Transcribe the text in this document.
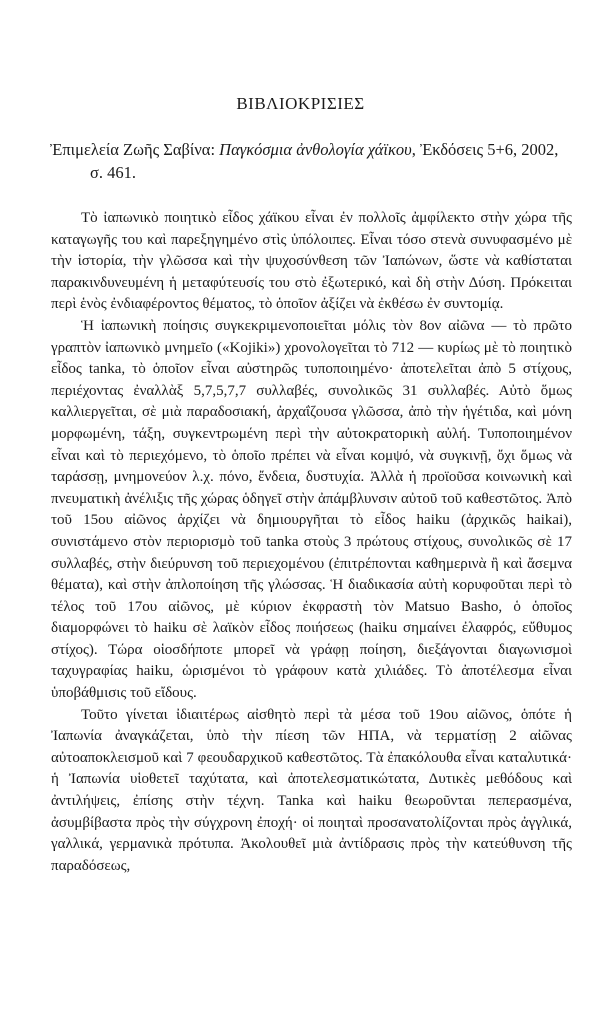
ΒΙΒΛΙΟΚΡΙΣΙΕΣ
Ἐπιμελεία Ζωῆς Σαβίνα: Παγκόσμια ἀνθολογία χάϊκου, Ἐκδόσεις 5+6, 2002, σ. 461.

Τὸ ἰαπωνικὸ ποιητικὸ εἶδος χάϊκου εἶναι ἐν πολλοῖς ἀμφίλεκτο στὴν χώρα τῆς καταγωγῆς του καὶ παρεξηγημένο στὶς ὑπόλοιπες. Εἶναι τόσο στενὰ συνυφασμένο μὲ τὴν ἱστορία, τὴν γλῶσσα καὶ τὴν ψυχοσύνθεση τῶν Ἰαπώνων, ὥστε νὰ καθίσταται παρακινδυνευμένη ἡ μεταφύτευσίς του στὸ ἐξωτερικό, καὶ δὴ στὴν Δύση. Πρόκειται περὶ ἑνὸς ἐνδιαφέροντος θέματος, τὸ ὁποῖον ἀξίζει νὰ ἐκθέσω ἐν συντομίᾳ.

Ἡ ἰαπωνικὴ ποίησις συγκεκριμενοποιεῖται μόλις τὸν 8ον αἰῶνα — τὸ πρῶτο γραπτὸν ἰαπωνικὸ μνημεῖο («Kojiki») χρονολογεῖται τὸ 712 — κυρίως μὲ τὸ ποιητικὸ εἶδος tanka, τὸ ὁποῖον εἶναι αὐστηρῶς τυποποιημένο· ἀποτελεῖται ἀπὸ 5 στίχους, περιέχοντας ἐναλλὰξ 5,7,5,7,7 συλλαβές, συνολικῶς 31 συλλαβές. Αὐτὸ ὅμως καλλιεργεῖται, σὲ μιὰ παραδοσιακή, ἀρχαΐζουσα γλῶσσα, ἀπὸ τὴν ἡγέτιδα, καὶ μόνη μορφωμένη, τάξη, συγκεντρωμένη περὶ τὴν αὐτοκρατορικὴ αὐλή. Τυποποιημένον εἶναι καὶ τὸ περιεχόμενο, τὸ ὁποῖο πρέπει νὰ εἶναι κομψό, νὰ συγκινῇ, ὄχι ὅμως νὰ ταράσσῃ, μνημονεύον λ.χ. πόνο, ἔνδεια, δυστυχία. Ἀλλὰ ἡ προϊοῦσα κοινωνικὴ καὶ πνευματικὴ ἀνέλιξις τῆς χώρας ὁδηγεῖ στὴν ἀπάμβλυνσιν αὐτοῦ τοῦ καθεστῶτος. Ἀπὸ τοῦ 15ου αἰῶνος ἀρχίζει νὰ δημιουργῆται τὸ εἶδος haiku (ἀρχικῶς haikai), συνιστάμενο στὸν περιορισμὸ τοῦ tanka στοὺς 3 πρώτους στίχους, συνολικῶς σὲ 17 συλλαβές, στὴν διεύρυνση τοῦ περιεχομένου (ἐπιτρέπονται καθημερινὰ ἢ καὶ ἄσεμνα θέματα), καὶ στὴν ἀπλοποίηση τῆς γλώσσας. Ἡ διαδικασία αὐτὴ κορυφοῦται περὶ τὸ τέλος τοῦ 17ου αἰῶνος, μὲ κύριον ἐκφραστὴ τὸν Matsuo Basho, ὁ ὁποῖος διαμορφώνει τὸ haiku σὲ λαϊκὸν εἶδος ποιήσεως (haiku σημαίνει ἐλαφρός, εὔθυμος στίχος). Τώρα οἱοσδήποτε μπορεῖ νὰ γράφῃ ποίηση, διεξάγονται διαγωνισμοὶ ταχυγραφίας haiku, ὡρισμένοι τὸ γράφουν κατὰ χιλιάδες. Τὸ ἀποτέλεσμα εἶναι ὑποβάθμισις τοῦ εἴδους.

Τοῦτο γίνεται ἰδιαιτέρως αἰσθητὸ περὶ τὰ μέσα τοῦ 19ου αἰῶνος, ὁπότε ἡ Ἰαπωνία ἀναγκάζεται, ὑπὸ τὴν πίεση τῶν ΗΠΑ, νὰ τερματίσῃ 2 αἰῶνας αὐτοαποκλεισμοῦ καὶ 7 φεουδαρχικοῦ καθεστῶτος. Τὰ ἐπακόλουθα εἶναι καταλυτικά· ἡ Ἰαπωνία υἱοθετεῖ ταχύτατα, καὶ ἀποτελεσματικώτατα, Δυτικὲς μεθόδους καὶ ἀντιλήψεις, ἐπίσης στὴν τέχνη. Tanka καὶ haiku θεωροῦνται πεπερασμένα, ἀσυμβίβαστα πρὸς τὴν σύγχρονη ἐποχή· οἱ ποιηταὶ προσανατολίζονται πρὸς ἀγγλικά, γαλλικά, γερμανικὰ πρότυπα. Ἀκολουθεῖ μιὰ ἀντίδρασις πρὸς τὴν κατεύθυνση τῆς παραδόσεως,
